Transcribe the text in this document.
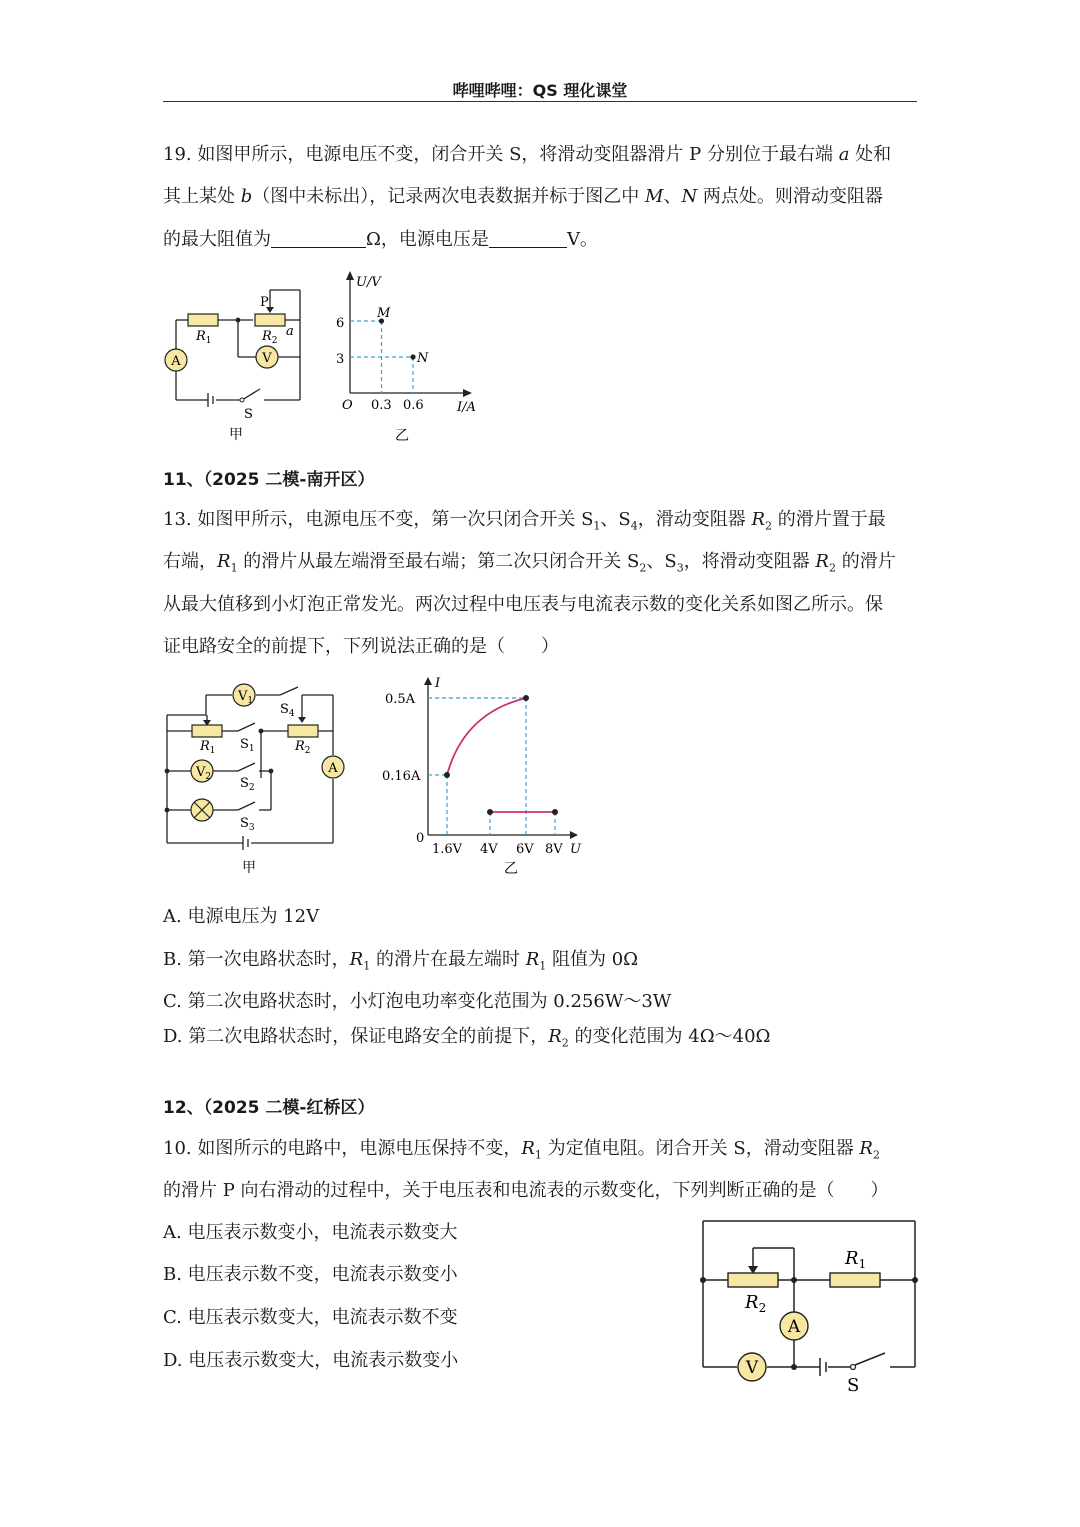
哔哩哔哩：QS 理化课堂
19. 如图甲所示，电源电压不变，闭合开关 S，将滑动变阻器滑片 P 分别位于最右端 a 处和
其上某处 b（图中未标出），记录两次电表数据并标于图乙中 M、N 两点处。则滑动变阻器
的最大阻值为	Ω，电源电压是	V。
A	V
P
a
$R_1$	$R_2$
S
甲
U/V
I/A
O
6
3
0.3 0.6
M
N
乙
11、（2025 二模-南开区）
13. 如图甲所示，电源电压不变，第一次只闭合开关 $S_1$、$S_4$，滑动变阻器 $R_2$ 的滑片置于最
右端，$R_1$ 的滑片从最左端滑至最右端；第二次只闭合开关 $S_2$、$S_3$，将滑动变阻器 $R_2$ 的滑片
从最大值移到小灯泡正常发光。两次过程中电压表与电流表示数的变化关系如图乙所示。保
证电路安全的前提下，下列说法正确的是（　　）
$V_1$
$V_2$
A
$R_1$	$R_2$
$S_1$
$S_2$
$S_3$
$S_4$
甲
I
U
0
0.5A
0.16A
1.6V 4V 6V 8V
乙
A. 电源电压为 12V
B. 第一次电路状态时，$R_1$ 的滑片在最左端时 $R_1$ 阻值为 0Ω
C. 第二次电路状态时，小灯泡电功率变化范围为 0.256W～3W
D. 第二次电路状态时，保证电路安全的前提下，$R_2$ 的变化范围为 4Ω～40Ω
12、（2025 二模-红桥区）
10. 如图所示的电路中，电源电压保持不变，$R_1$ 为定值电阻。闭合开关 S，滑动变阻器 $R_2$
的滑片 P 向右滑动的过程中，关于电压表和电流表的示数变化，下列判断正确的是（　　）
A. 电压表示数变小，电流表示数变大
B. 电压表示数不变，电流表示数变小
C. 电压表示数变大，电流表示数不变
D. 电压表示数变大，电流表示数变小
A
V
$R_1$
$R_2$
S
